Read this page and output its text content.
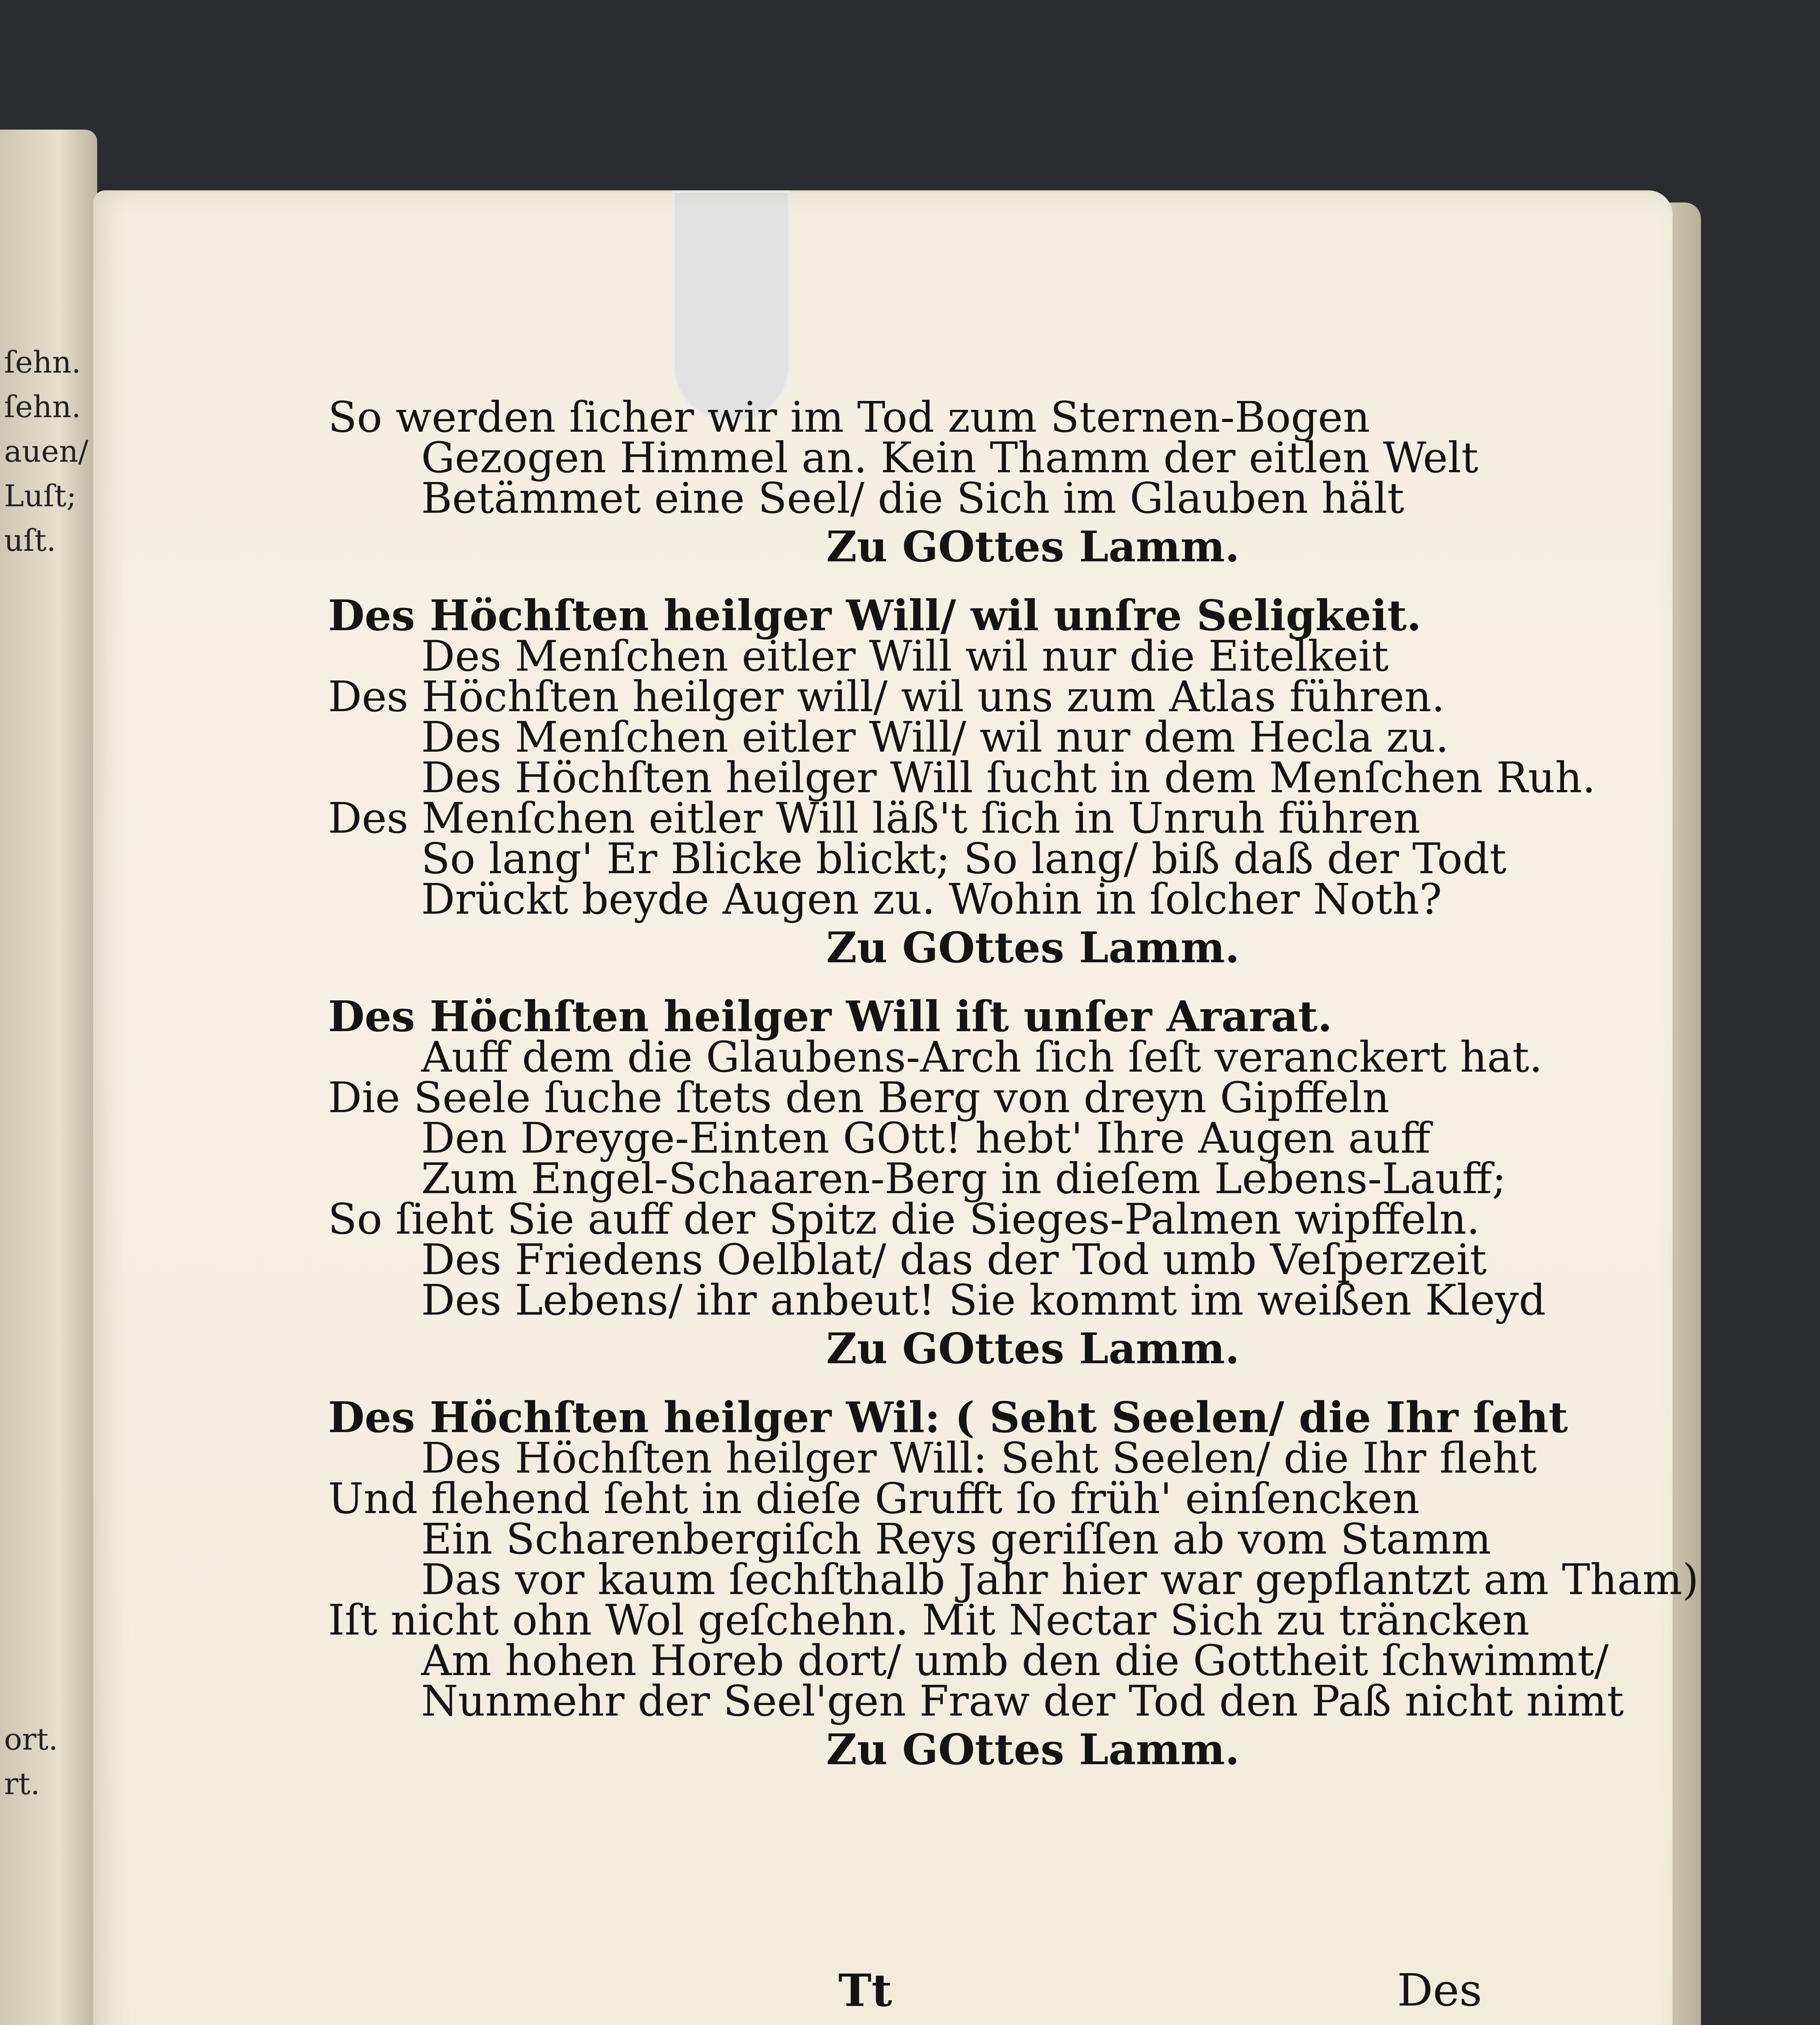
ſehn.
ſehn.
auen/
Luſt;
uſt.
ort.
rt.
So werden ſicher wir im Tod zum Sternen-Bogen
Gezogen Himmel an. Kein Thamm der eitlen Welt
Betämmet eine Seel/ die Sich im Glauben hält
Zu GOttes Lamm.
Des Höchſten heilger Will/ wil unſre Seligkeit.
Des Menſchen eitler Will wil nur die Eitelkeit
Des Höchſten heilger will/ wil uns zum Atlas führen.
Des Menſchen eitler Will/ wil nur dem Hecla zu.
Des Höchſten heilger Will ſucht in dem Menſchen Ruh.
Des Menſchen eitler Will läß't ſich in Unruh führen
So lang' Er Blicke blickt; So lang/ biß daß der Todt
Drückt beyde Augen zu. Wohin in ſolcher Noth?
Zu GOttes Lamm.
Des Höchſten heilger Will iſt unſer Ararat.
Auff dem die Glaubens-Arch ſich ſeſt veranckert hat.
Die Seele ſuche ſtets den Berg von dreyn Gipffeln
Den Dreyge-Einten GOtt! hebt' Ihre Augen auff
Zum Engel-Schaaren-Berg in dieſem Lebens-Lauff;
So ſieht Sie auff der Spitz die Sieges-Palmen wipffeln.
Des Friedens Oelblat/ das der Tod umb Veſperzeit
Des Lebens/ ihr anbeut! Sie kommt im weißen Kleyd
Zu GOttes Lamm.
Des Höchſten heilger Wil: ( Seht Seelen/ die Ihr ſeht
Des Höchſten heilger Will: Seht Seelen/ die Ihr fleht
Und flehend ſeht in dieſe Grufft ſo früh' einſencken
Ein Scharenbergiſch Reys geriſſen ab vom Stamm
Das vor kaum ſechſthalb Jahr hier war gepflantzt am Tham)
Iſt nicht ohn Wol geſchehn. Mit Nectar Sich zu träncken
Am hohen Horeb dort/ umb den die Gottheit ſchwimmt/
Nunmehr der Seel'gen Fraw der Tod den Paß nicht nimt
Zu GOttes Lamm.
Tt	Des
